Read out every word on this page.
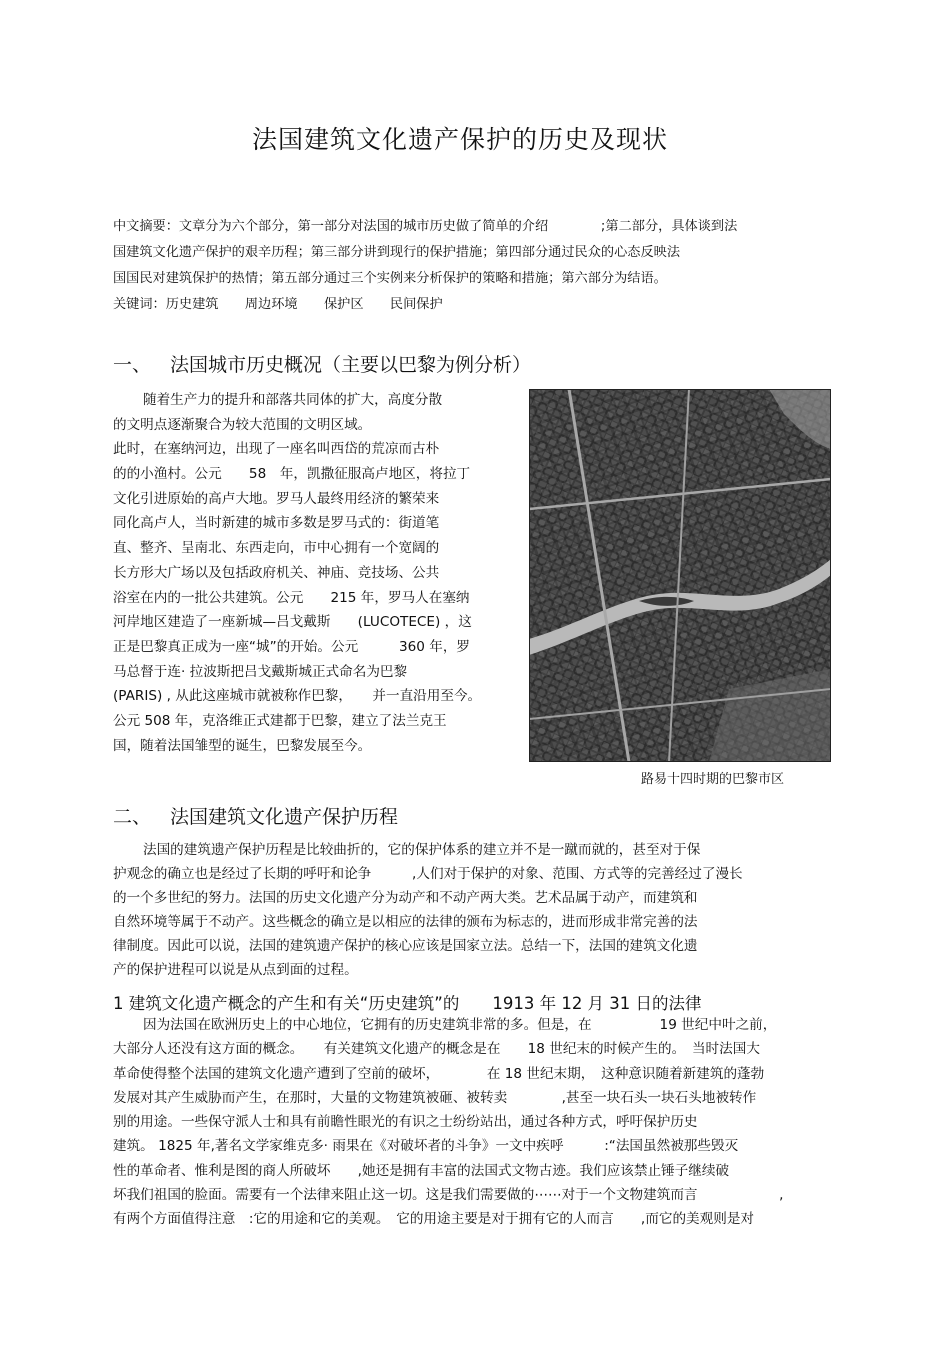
法国建筑文化遗产保护的历史及现状
中文摘要：文章分为六个部分，第一部分对法国的城市历史做了简单的介绍　　　　;第二部分，具体谈到法
国建筑文化遗产保护的艰辛历程；第三部分讲到现行的保护措施；第四部分通过民众的心态反映法
国国民对建筑保护的热情；第五部分通过三个实例来分析保护的策略和措施；第六部分为结语。
关键词：历史建筑　　周边环境　　保护区　　民间保护
一、 法国城市历史概况（主要以巴黎为例分析）
随着生产力的提升和部落共同体的扩大，高度分散
的文明点逐渐聚合为较大范围的文明区域。
此时，在塞纳河边，出现了一座名叫西岱的荒凉而古朴
的的小渔村。公元　　58　年，凯撒征服高卢地区，将拉丁
文化引进原始的高卢大地。罗马人最终用经济的繁荣来
同化高卢人，当时新建的城市多数是罗马式的：街道笔
直、整齐、呈南北、东西走向，市中心拥有一个宽阔的
长方形大广场以及包括政府机关、神庙、竞技场、公共
浴室在内的一批公共建筑。公元　　215 年，罗马人在塞纳
河岸地区建造了一座新城—吕戈戴斯　　(LUCOTECE) ，这
正是巴黎真正成为一座“城”的开始。公元　　　360 年，罗
马总督于连· 拉波斯把吕戈戴斯城正式命名为巴黎
(PARIS) , 从此这座城市就被称作巴黎，　　并一直沿用至今。
公元 508 年，克洛维正式建都于巴黎，建立了法兰克王
国，随着法国雏型的诞生，巴黎发展至今。
路易十四时期的巴黎市区
二、 法国建筑文化遗产保护历程
法国的建筑遗产保护历程是比较曲折的，它的保护体系的建立并不是一蹴而就的，甚至对于保
护观念的确立也是经过了长期的呼吁和论争　　　,人们对于保护的对象、范围、方式等的完善经过了漫长
的一个多世纪的努力。法国的历史文化遗产分为动产和不动产两大类。艺术品属于动产，而建筑和
自然环境等属于不动产。这些概念的确立是以相应的法律的颁布为标志的，进而形成非常完善的法
律制度。因此可以说，法国的建筑遗产保护的核心应该是国家立法。总结一下，法国的建筑文化遗
产的保护进程可以说是从点到面的过程。
1 建筑文化遗产概念的产生和有关“历史建筑”的　　1913 年 12 月 31 日的法律
因为法国在欧洲历史上的中心地位，它拥有的历史建筑非常的多。但是，在　　　　　19 世纪中叶之前，
大部分人还没有这方面的概念。　　有关建筑文化遗产的概念是在　　18 世纪末的时候产生的。　当时法国大
革命使得整个法国的建筑文化遗产遭到了空前的破坏，　　　　在 18 世纪末期，　这种意识随着新建筑的蓬勃
发展对其产生威胁而产生，在那时，大量的文物建筑被砸、被转卖　　　　,甚至一块石头一块石头地被转作
别的用途。一些保守派人士和具有前瞻性眼光的有识之士纷纷站出，通过各种方式，呼吁保护历史
建筑。 1825 年,著名文学家维克多· 雨果在《对破坏者的斗争》一文中疾呼　　　:“法国虽然被那些毁灭
性的革命者、惟利是图的商人所破坏　　,她还是拥有丰富的法国式文物古迹。我们应该禁止锤子继续破
坏我们祖国的脸面。需要有一个法律来阻止这一切。这是我们需要做的⋯⋯对于一个文物建筑而言　　　　　　,
有两个方面值得注意　:它的用途和它的美观。　它的用途主要是对于拥有它的人而言　　,而它的美观则是对
